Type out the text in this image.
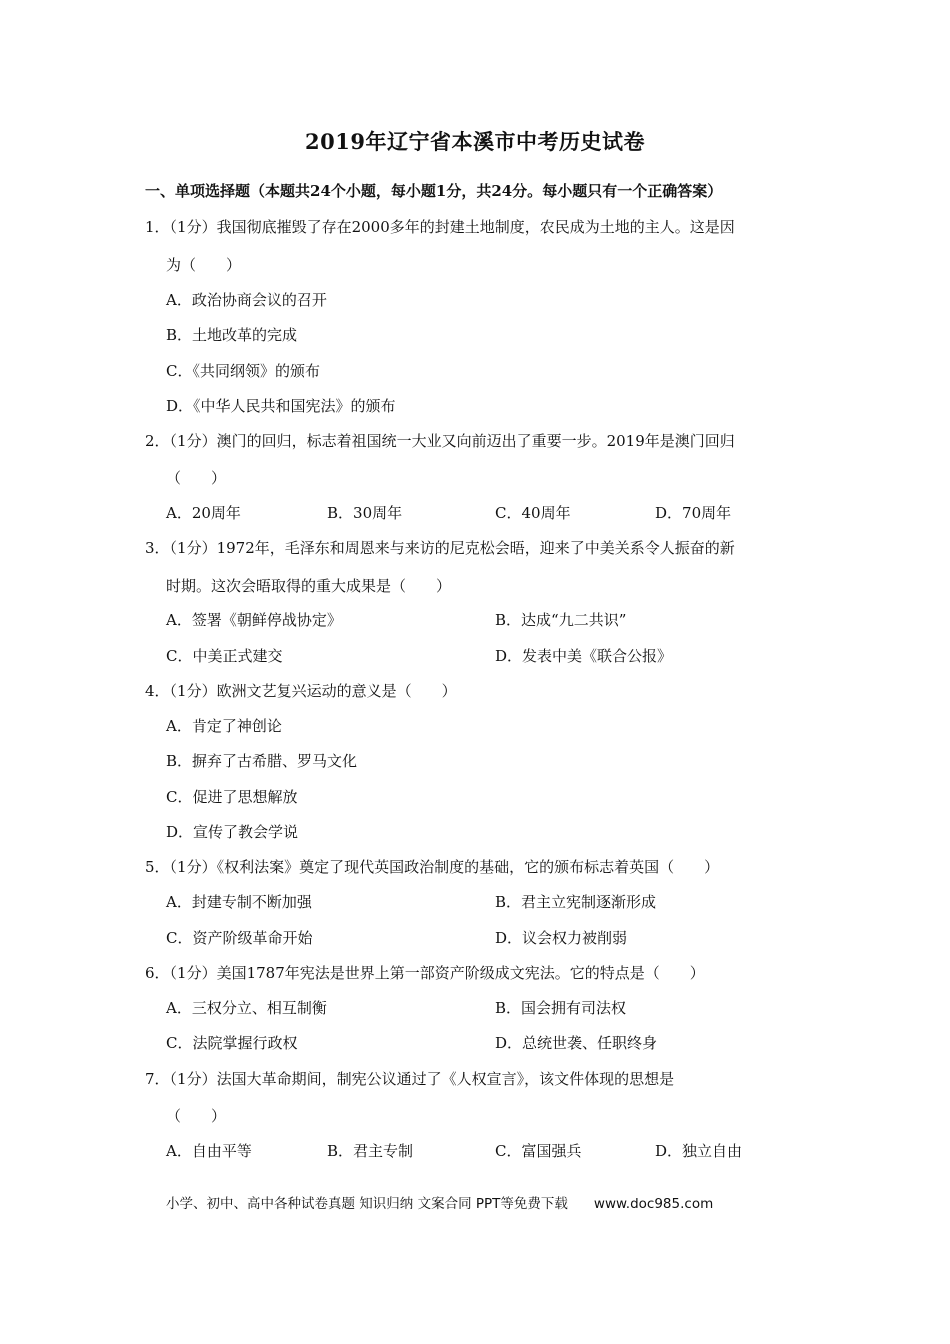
2019年辽宁省本溪市中考历史试卷
一、单项选择题（本题共24个小题，每小题1分，共24分。每小题只有一个正确答案）
1．（1分）我国彻底摧毁了存在2000多年的封建土地制度，农民成为土地的主人。这是因
为（　　）
A．政治协商会议的召开
B．土地改革的完成
C．《共同纲领》的颁布
D．《中华人民共和国宪法》的颁布
2．（1分）澳门的回归，标志着祖国统一大业又向前迈出了重要一步。2019年是澳门回归
（　　）
A．20周年	B．30周年	C．40周年	D．70周年
3．（1分）1972年，毛泽东和周恩来与来访的尼克松会晤，迎来了中美关系令人振奋的新
时期。这次会晤取得的重大成果是（　　）
A．签署《朝鲜停战协定》	B．达成“九二共识”
C．中美正式建交	D．发表中美《联合公报》
4．（1分）欧洲文艺复兴运动的意义是（　　）
A．肯定了神创论
B．摒弃了古希腊、罗马文化
C．促进了思想解放
D．宣传了教会学说
5．（1分）《权利法案》奠定了现代英国政治制度的基础，它的颁布标志着英国（　　）
A．封建专制不断加强	B．君主立宪制逐渐形成
C．资产阶级革命开始	D．议会权力被削弱
6．（1分）美国1787年宪法是世界上第一部资产阶级成文宪法。它的特点是（　　）
A．三权分立、相互制衡	B．国会拥有司法权
C．法院掌握行政权	D．总统世袭、任职终身
7．（1分）法国大革命期间，制宪公议通过了《人权宣言》，该文件体现的思想是
（　　）
A．自由平等	B．君主专制	C．富国强兵	D．独立自由
小学、初中、高中各种试卷真题 知识归纳 文案合同 PPT等免费下载 www.doc985.com
